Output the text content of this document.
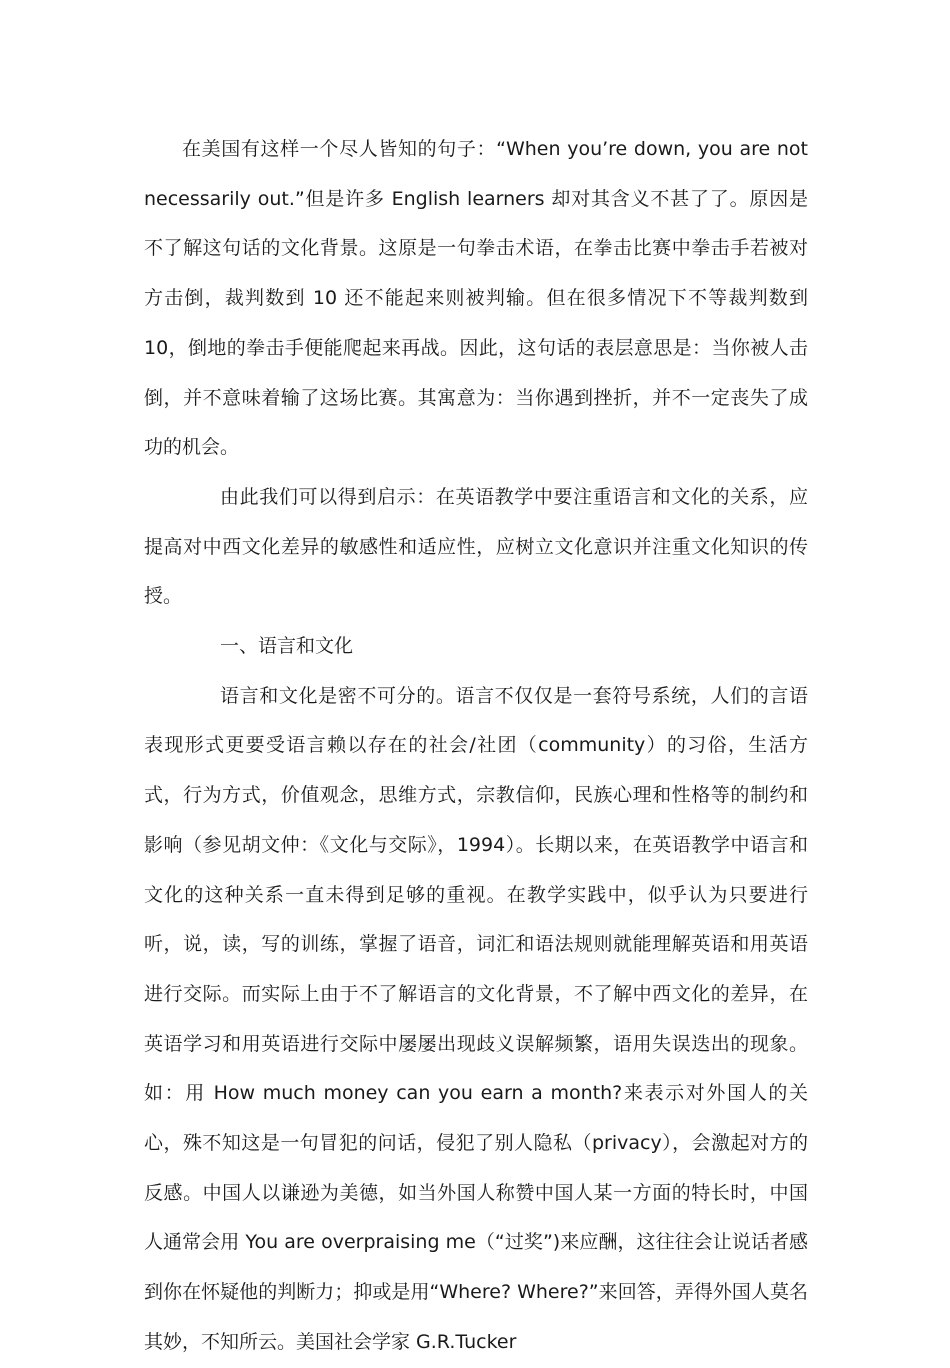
在美国有这样一个尽人皆知的句子：“When you’re down, you are not necessarily out.”但是许多 English learners 却对其含义不甚了了。原因是不了解这句话的文化背景。这原是一句拳击术语，在拳击比赛中拳击手若被对方击倒，裁判数到 10 还不能起来则被判输。但在很多情况下不等裁判数到 10，倒地的拳击手便能爬起来再战。因此，这句话的表层意思是：当你被人击倒，并不意味着输了这场比赛。其寓意为：当你遇到挫折，并不一定丧失了成功的机会。

由此我们可以得到启示：在英语教学中要注重语言和文化的关系，应提高对中西文化差异的敏感性和适应性，应树立文化意识并注重文化知识的传授。

一、语言和文化

语言和文化是密不可分的。语言不仅仅是一套符号系统，人们的言语表现形式更要受语言赖以存在的社会/社团（community）的习俗，生活方式，行为方式，价值观念，思维方式，宗教信仰，民族心理和性格等的制约和影响（参见胡文仲：《文化与交际》，1994）。长期以来，在英语教学中语言和文化的这种关系一直未得到足够的重视。在教学实践中，似乎认为只要进行听，说，读，写的训练，掌握了语音，词汇和语法规则就能理解英语和用英语进行交际。而实际上由于不了解语言的文化背景，不了解中西文化的差异，在英语学习和用英语进行交际中屡屡出现歧义误解频繁，语用失误迭出的现象。如：用 How much money can you earn a month?来表示对外国人的关心，殊不知这是一句冒犯的问话，侵犯了别人隐私（privacy），会激起对方的反感。中国人以谦逊为美德，如当外国人称赞中国人某一方面的特长时，中国人通常会用 You are overpraising me（“过奖”)来应酬，这往往会让说话者感到你在怀疑他的判断力；抑或是用“Where? Where?”来回答，弄得外国人莫名其妙，不知所云。美国社会学家 G.R.Tucker
